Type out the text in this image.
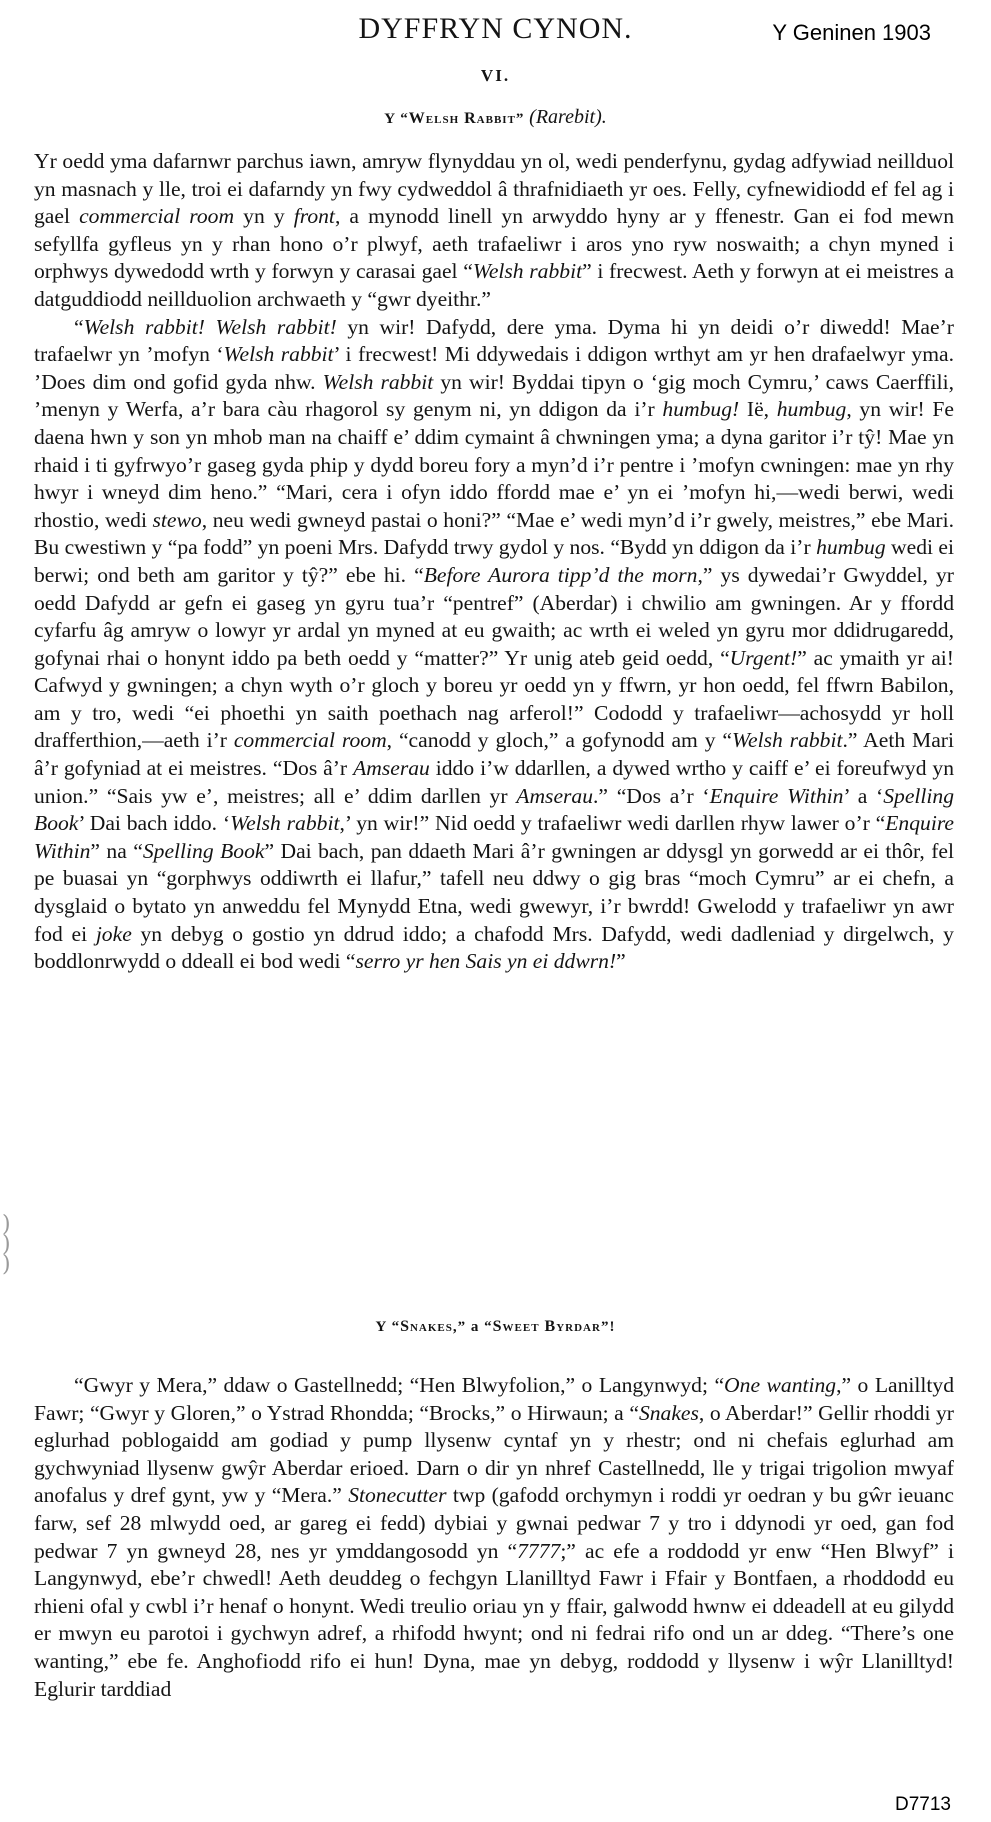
DYFFRYN CYNON.	Y Geninen 1903
VI.
Y “Welsh Rabbit” (Rarebit).

Yr oedd yma dafarnwr parchus iawn, amryw flynyddau yn ol, wedi penderfynu, gydag adfywiad neillduol yn masnach y lle, troi ei dafarndy yn fwy cydweddol â thrafnidiaeth yr oes. Felly, cyfnewidiodd ef fel ag i gael commercial room yn y front, a mynodd linell yn arwyddo hyny ar y ffenestr. Gan ei fod mewn sefyllfa gyfleus yn y rhan hono o’r plwyf, aeth trafaeliwr i aros yno ryw noswaith; a chyn myned i orphwys dywedodd wrth y forwyn y carasai gael “Welsh rabbit” i frecwest. Aeth y forwyn at ei meistres a datguddiodd neillduolion archwaeth y “gwr dyeithr.”

“Welsh rabbit! Welsh rabbit! yn wir! Dafydd, dere yma. Dyma hi yn deidi o’r diwedd! Mae’r trafaelwr yn ’mofyn ‘Welsh rabbit’ i frecwest! Mi ddywedais i ddigon wrthyt am yr hen drafaelwyr yma. ’Does dim ond gofid gyda nhw. Welsh rabbit yn wir! Byddai tipyn o ‘gig moch Cymru,’ caws Caerffili, ’menyn y Werfa, a’r bara càu rhagorol sy genym ni, yn ddigon da i’r humbug! Ië, humbug, yn wir! Fe daena hwn y son yn mhob man na chaiff e’ ddim cymaint â chwningen yma; a dyna garitor i’r tŷ! Mae yn rhaid i ti gyfrwyo’r gaseg gyda phip y dydd boreu fory a myn’d i’r pentre i ’mofyn cwningen: mae yn rhy hwyr i wneyd dim heno.” “Mari, cera i ofyn iddo ffordd mae e’ yn ei ’mofyn hi,—wedi berwi, wedi rhostio, wedi stewo, neu wedi gwneyd pastai o honi?” “Mae e’ wedi myn’d i’r gwely, meistres,” ebe Mari. Bu cwestiwn y “pa fodd” yn poeni Mrs. Dafydd trwy gydol y nos. “Bydd yn ddigon da i’r humbug wedi ei berwi; ond beth am garitor y tŷ?” ebe hi. “Before Aurora tipp’d the morn,” ys dywedai’r Gwyddel, yr oedd Dafydd ar gefn ei gaseg yn gyru tua’r “pentref” (Aberdar) i chwilio am gwningen. Ar y ffordd cyfarfu âg amryw o lowyr yr ardal yn myned at eu gwaith; ac wrth ei weled yn gyru mor ddidrugaredd, gofynai rhai o honynt iddo pa beth oedd y “matter?” Yr unig ateb geid oedd, “Urgent!” ac ymaith yr ai! Cafwyd y gwningen; a chyn wyth o’r gloch y boreu yr oedd yn y ffwrn, yr hon oedd, fel ffwrn Babilon, am y tro, wedi “ei phoethi yn saith poethach nag arferol!” Cododd y trafaeliwr—achosydd yr holl drafferthion,—aeth i’r commercial room, “canodd y gloch,” a gofynodd am y “Welsh rabbit.” Aeth Mari â’r gofyniad at ei meistres. “Dos â’r Amserau iddo i’w ddarllen, a dywed wrtho y caiff e’ ei foreufwyd yn union.” “Sais yw e’, meistres; all e’ ddim darllen yr Amserau.” “Dos a’r ‘Enquire Within’ a ‘Spelling Book’ Dai bach iddo. ‘Welsh rabbit,’ yn wir!” Nid oedd y trafaeliwr wedi darllen rhyw lawer o’r “Enquire Within” na “Spelling Book” Dai bach, pan ddaeth Mari â’r gwningen ar ddysgl yn gorwedd ar ei thôr, fel pe buasai yn “gorphwys oddiwrth ei llafur,” tafell neu ddwy o gig bras “moch Cymru” ar ei chefn, a dysglaid o bytato yn anweddu fel Mynydd Etna, wedi gwewyr, i’r bwrdd! Gwelodd y trafaeliwr yn awr fod ei joke yn debyg o gostio yn ddrud iddo; a chafodd Mrs. Dafydd, wedi dadleniad y dirgelwch, y boddlonrwydd o ddeall ei bod wedi “serro yr hen Sais yn ei ddwrn!”

Y “Snakes,” a “Sweet Byrdar”!

“Gwyr y Mera,” ddaw o Gastellnedd; “Hen Blwyfolion,” o Langynwyd; “One wanting,” o Lanilltyd Fawr; “Gwyr y Gloren,” o Ystrad Rhondda; “Brocks,” o Hirwaun; a “Snakes, o Aberdar!” Gellir rhoddi yr eglurhad poblogaidd am godiad y pump llysenw cyntaf yn y rhestr; ond ni chefais eglurhad am gychwyniad llysenw gwŷr Aberdar erioed. Darn o dir yn nhref Castellnedd, lle y trigai trigolion mwyaf anofalus y dref gynt, yw y “Mera.” Stonecutter twp (gafodd orchymyn i roddi yr oedran y bu gŵr ieuanc farw, sef 28 mlwydd oed, ar gareg ei fedd) dybiai y gwnai pedwar 7 y tro i ddynodi yr oed, gan fod pedwar 7 yn gwneyd 28, nes yr ymddangosodd yn “7777;” ac efe a roddodd yr enw “Hen Blwyf” i Langynwyd, ebe’r chwedl! Aeth deuddeg o fechgyn Llanilltyd Fawr i Ffair y Bontfaen, a rhoddodd eu rhieni ofal y cwbl i’r henaf o honynt. Wedi treulio oriau yn y ffair, galwodd hwnw ei ddeadell at eu gilydd er mwyn eu parotoi i gychwyn adref, a rhifodd hwynt; ond ni fedrai rifo ond un ar ddeg. “There’s one wanting,” ebe fe. Anghofiodd rifo ei hun! Dyna, mae yn debyg, roddodd y llysenw i wŷr Llanilltyd! Eglurir tarddiad

)
)
)
D7713
